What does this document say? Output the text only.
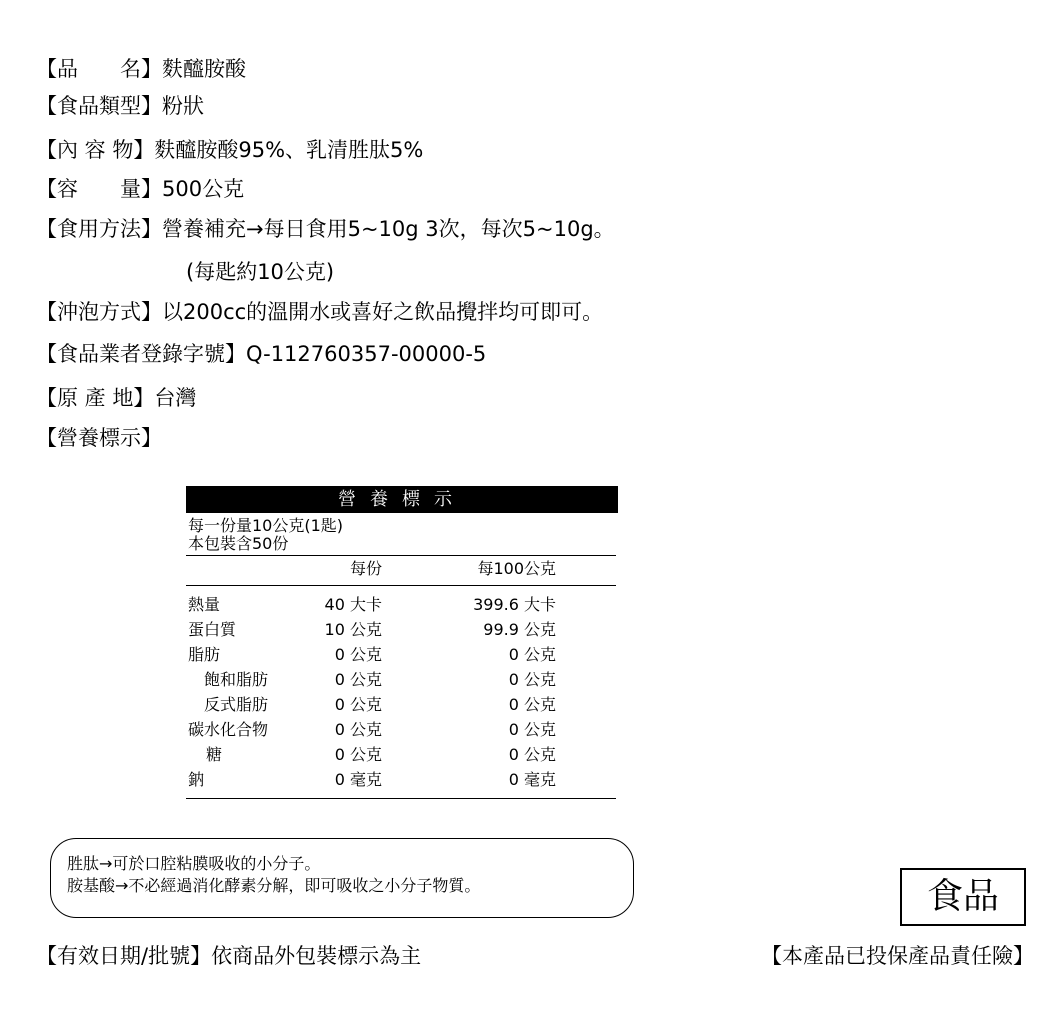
【品　　名】麩醯胺酸
【食品類型】粉狀
【內 容 物】麩醯胺酸95%、乳清胜肽5%
【容　　量】500公克
【食用方法】營養補充→每日食用5~10g 3次，每次5~10g。
(每匙約10公克)
【沖泡方式】以200cc的溫開水或喜好之飲品攪拌均可即可。
【食品業者登錄字號】Q-112760357-00000-5
【原 產 地】台灣
【營養標示】
營養標示
每一份量10公克(1匙)
本包裝含50份
每份	每100公克
熱量	40 大卡	399.6 大卡
蛋白質	10 公克	99.9 公克
脂肪	0 公克	0 公克
飽和脂肪	0 公克	0 公克
反式脂肪	0 公克	0 公克
碳水化合物	0 公克	0 公克
糖	0 公克	0 公克
鈉	0 毫克	0 毫克
胜肽→可於口腔粘膜吸收的小分子。
胺基酸→不必經過消化酵素分解，即可吸收之小分子物質。	食品
【有效日期/批號】依商品外包裝標示為主	【本產品已投保產品責任險】
